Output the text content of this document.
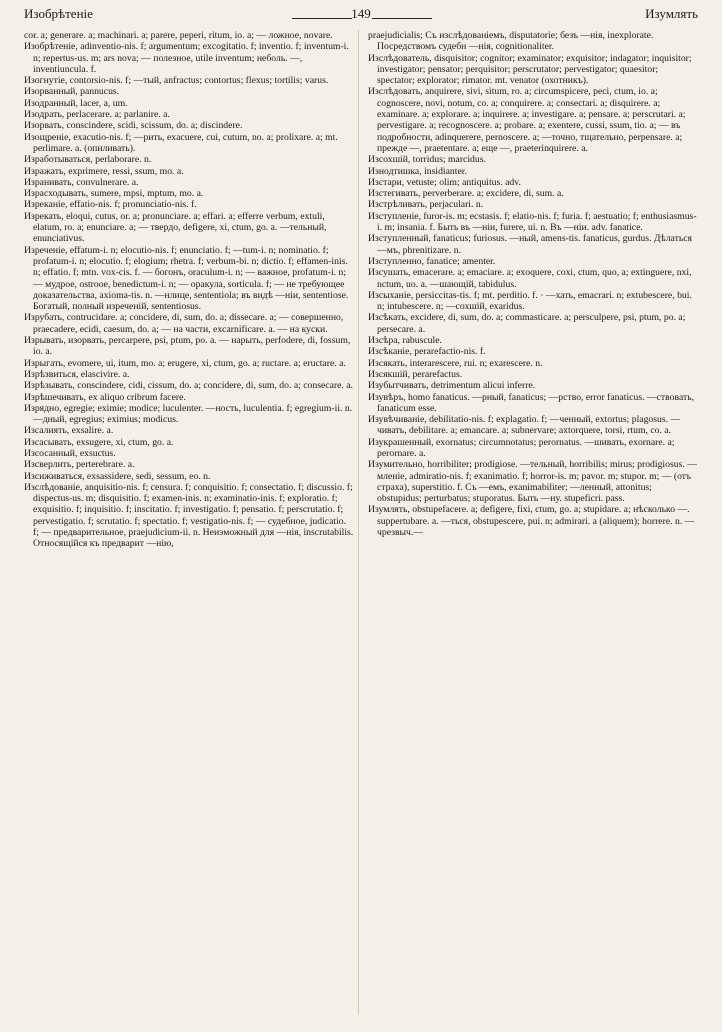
Изобрѣтеніе	149	Изумлять

cor. a; generare. a; machinari. a; parere, peperi, ritum, io. a; — ложное, novare.

Изобрѣтеніе, adinventio-nis. f; argumentum; excogitatio. f; inventio. f; inventum-i. n; repertus-us. m; ars nova; — полезное, utile inventum; неболь. —, inventiuncula. f.

Изогнутіе, contorsio-nis. f; —тый, anfractus; contortus; flexus; tortilis; varus.

Изорванный, pannucus.

Изодранный, lacer, a, um.

Изодрать, perlacerare. a; parlanire. a.

Изорвать, conscindere, scidi, scissum, do. a; discindere.

Изощреніе, exacutio-nis. f; —рить, exacuere, cui, cutum, no. a; prolixare. a; mt. perlimare. a. (опиливать).

Изработываться, perlaborare. n.

Изражать, exprimere, ressi, ssum, mo. a.

Изранивать, convulnerare. a.

Израсходывать, sumere, mpsi, mptum, mo. a.

Изреканіе, effatio-nis. f; pronunciatio-nis. f.

Изрекать, eloqui, cutus, or. a; pronunciare. a; effari. a; efferre verbum, extuli, elatum, ro. a; enunciare. a; — твердо, defigere, xi, ctum, go. a. —тельный, enunciativus.

Изреченіе, effatum-i. n; elocutio-nis. f; enunciatio. f; —tum-i. n; nominatio. f; profatum-i. n; elocutio. f; elogium; rhetra. f; verbum-bi. n; dictio. f; effamen-inis. n; effatio. f; mtn. vox-cis. f. — богонъ, oraculum-i. n; — важное, profatum-i. n; — мудрое, ostrooe, benedictum-i. n; — оракула, sorticula. f; — не требующее доказательства, axioma-tis. n. —нлице, sententiola; въ видѣ —ніи, sententiose. Богатый, полный изреченій, sententiosus.

Изрубать, contrucidare. a; concidere, di, sum, do. a; dissecare. a; — совершенно, praecadere, ecidi, caesum, do. a; — на части, excarnificare. a. — на куски.

Изрывать, изорвать, percarpere, psi, ptum, po. a. — нарыть, perfodere, di, fossum, io. a.

Изрыгать, evomere, ui, itum, mo. a; erugere, xi, ctum, go. a; ructare. a; eructare. a.

Изрѣзвиться, elascivire. a.

Изрѣзывать, conscindere, cidi, cissum, do. a; concidere, di, sum, do. a; consecare. a.

Изрѣшечивать, ex aliquo cribrum facere.

Изрядно, egregie; eximie; modice; luculenter. —ность, luculentia. f; egregium-ii. n. —дный, egregius; eximius; modicus.

Изсалиять, exsalire. a.

Изсасывать, exsugere, xi, ctum, go. a.

Изсосанный, exsuctus.

Изсверлить, perterebrare. a.

Изсиживаться, exsassidere, sedi, sessum, eo. n.

Изслѣдованіе, anquisitio-nis. f; censura. f; conquisitio. f; consectatio. f; discussio. f; dispectus-us. m; disquisitio. f; examen-inis. n; examinatio-inis. f; exploratio. f; exquisitio. f; inquisitio. f; inscitatio. f; investigatio. f; pensatio. f; perscrutatio. f; pervestigatio. f; scrutatio. f; spectatio. f; vestigatio-nis. f; — судебное, judicatio. f; — предварительное, praejudicium-ii. n. Неиэможный для —нія, inscrutabilis. Относящійся къ предварит —нію,

praejudicialis; Съ изслѣдованіемъ, disputatorie; безъ —нія, inexplorate. Посредствомъ судебн —нія, cognitionaliter.

Изслѣдователь, disquisitor; cognitor; examinator; exquisitor; indagator; inquisitor; investigator; pensator; perquisitor; perscrutator; pervestigator; quaesitor; spectator; explorator; rimator. mt. venator (охотникъ).

Изслѣдовать, anquirere, sivi, situm, ro. a; circumspicere, peci, ctum, io. a; cognoscere, novi, notum, co. a; conquirere. a; consectari. a; disquirere. a; examinare. a; explorare. a; inquirere. a; investigare. a; pensare. a; perscrutari. a; pervestigare. a; recognoscere. a; probare. a; exentere, cussi, ssum, tio. a; — въ подробности, adinquerere, pernoscere. a; —точно, тщательно, perpensare. a; прежде —, praetentare. a; еще —, praeterinquirere. a.

Изсохшій, torridus; marcidus.

Изнодтишка, insidianter.

Изстари, vetuste; olim; antiquitus. adv.

Изстегивать, perverberare. a; excidere, di, sum. a.

Изстрѣливать, perjaculari. n.

Изступленіе, furor-is. m; ecstasis. f; elatio-nis. f; furia. f; aestuatio; f; enthusiasmus-i. m; insania. f. Быть въ —ніи, furere, ui. n. Въ —ніи. adv. fanatice.

Изступленный, fanaticus; furiosus. —ный, amens-tis. fanaticus, gurdus. Дѣлаться —мъ, phrenitizare. n.

Изступленно, fanatice; amenter.

Изсушать, emacerare. a; emaciare. a; exoquere, coxi, ctum, quo, a; extinguere, nxi, nctum, uo. a. —шающій, tabidulus.

Изсыханіе, persiccitas-tis. f; mt. perditio. f. · —хать, emacrari. n; extubescere, bui. n; intubescere. n; —сохшій, exaridus.

Изсѣкать, excidere, di, sum, do. a; commasticare. a; persculpere, psi, ptum, po. a; persecare. a.

Изсѣра, rabuscule.

Изсѣканіе, perarefactio-nis. f.

Изсякать, interarescere, rui. n; exarescere. n.

Изсякшій, perarefactus.

Изубытчивать, detrimentum alicui inferre.

Изувѣръ, homo fanaticus. —рный, fanaticus; —рство, error fanaticus. —ствовать, fanaticum esse.

Изувѣчиваніе, debilitatio-nis. f; explagatio. f; —ченный, extortus; plagosus. —чивать, debilitare. a; emancare. a; subnervare; axtorquere, torsi, rtum, co. a.

Изукрашенный, exornatus; circumnotatus; perornatus. —шивать, exornare. a; perornare. a.

Изумительно, horribiliter; prodigiose. —тельный, horribilis; mirus; prodigiosus. —мленіе, admiratio-nis. f; exanimatio. f; horror-is. m; pavor. m; stupor. m; — (отъ страха), superstitio. f. Съ —емъ, exanimabiliter; —ленный, attonitus; obstupidus; perturbatus; stuporatus. Быть —ну. stupeficri. pass.

Изумлять, obstupefacere. a; defigere, fixi, ctum, go. a; stupidare. a; нѣсколько —. suppertubare. a. —ться, obstupescere, pui. n; admirari. a (aliquem); horrere. n. — чрезвыч.—
